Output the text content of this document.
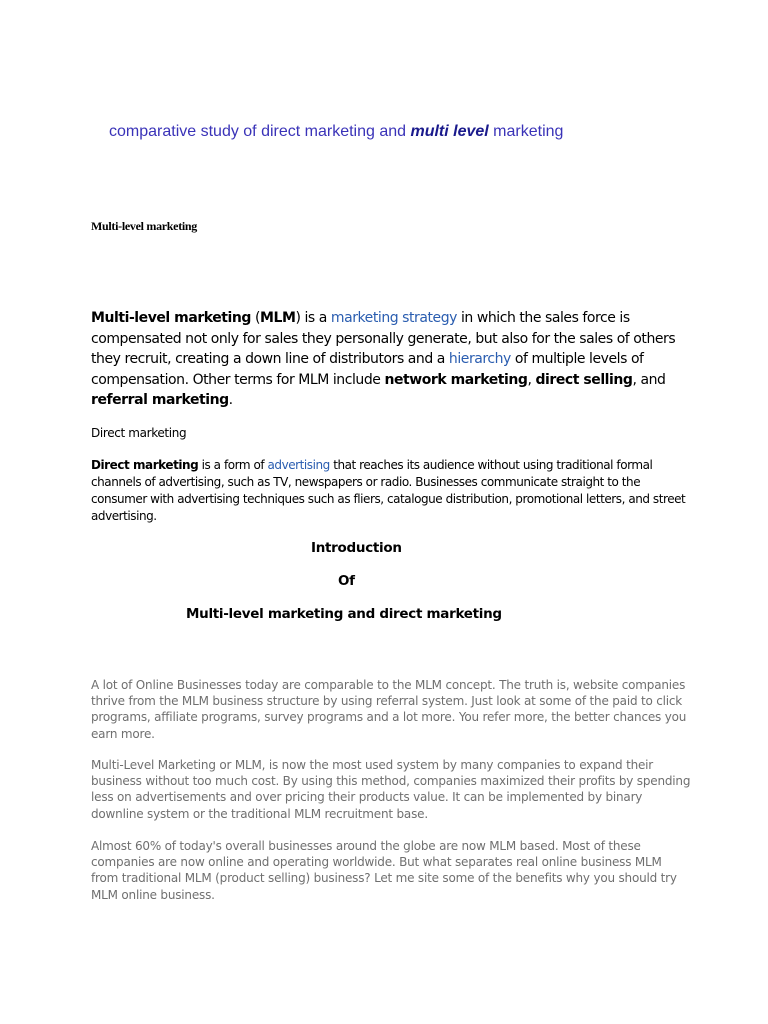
comparative study of direct marketing and multi level marketing
Multi-level marketing
Multi-level marketing (MLM) is a marketing strategy in which the sales force is compensated not only for sales they personally generate, but also for the sales of others they recruit, creating a down line of distributors and a hierarchy of multiple levels of compensation. Other terms for MLM include network marketing, direct selling, and referral marketing.
Direct marketing
Direct marketing is a form of advertising that reaches its audience without using traditional formal channels of advertising, such as TV, newspapers or radio. Businesses communicate straight to the consumer with advertising techniques such as fliers, catalogue distribution, promotional letters, and street advertising.
Introduction
Of
Multi-level marketing and direct marketing
A lot of Online Businesses today are comparable to the MLM concept. The truth is, website companies thrive from the MLM business structure by using referral system. Just look at some of the paid to click programs, affiliate programs, survey programs and a lot more. You refer more, the better chances you earn more.
Multi-Level Marketing or MLM, is now the most used system by many companies to expand their business without too much cost. By using this method, companies maximized their profits by spending less on advertisements and over pricing their products value. It can be implemented by binary downline system or the traditional MLM recruitment base.
Almost 60% of today's overall businesses around the globe are now MLM based. Most of these companies are now online and operating worldwide. But what separates real online business MLM from traditional MLM (product selling) business? Let me site some of the benefits why you should try MLM online business.
